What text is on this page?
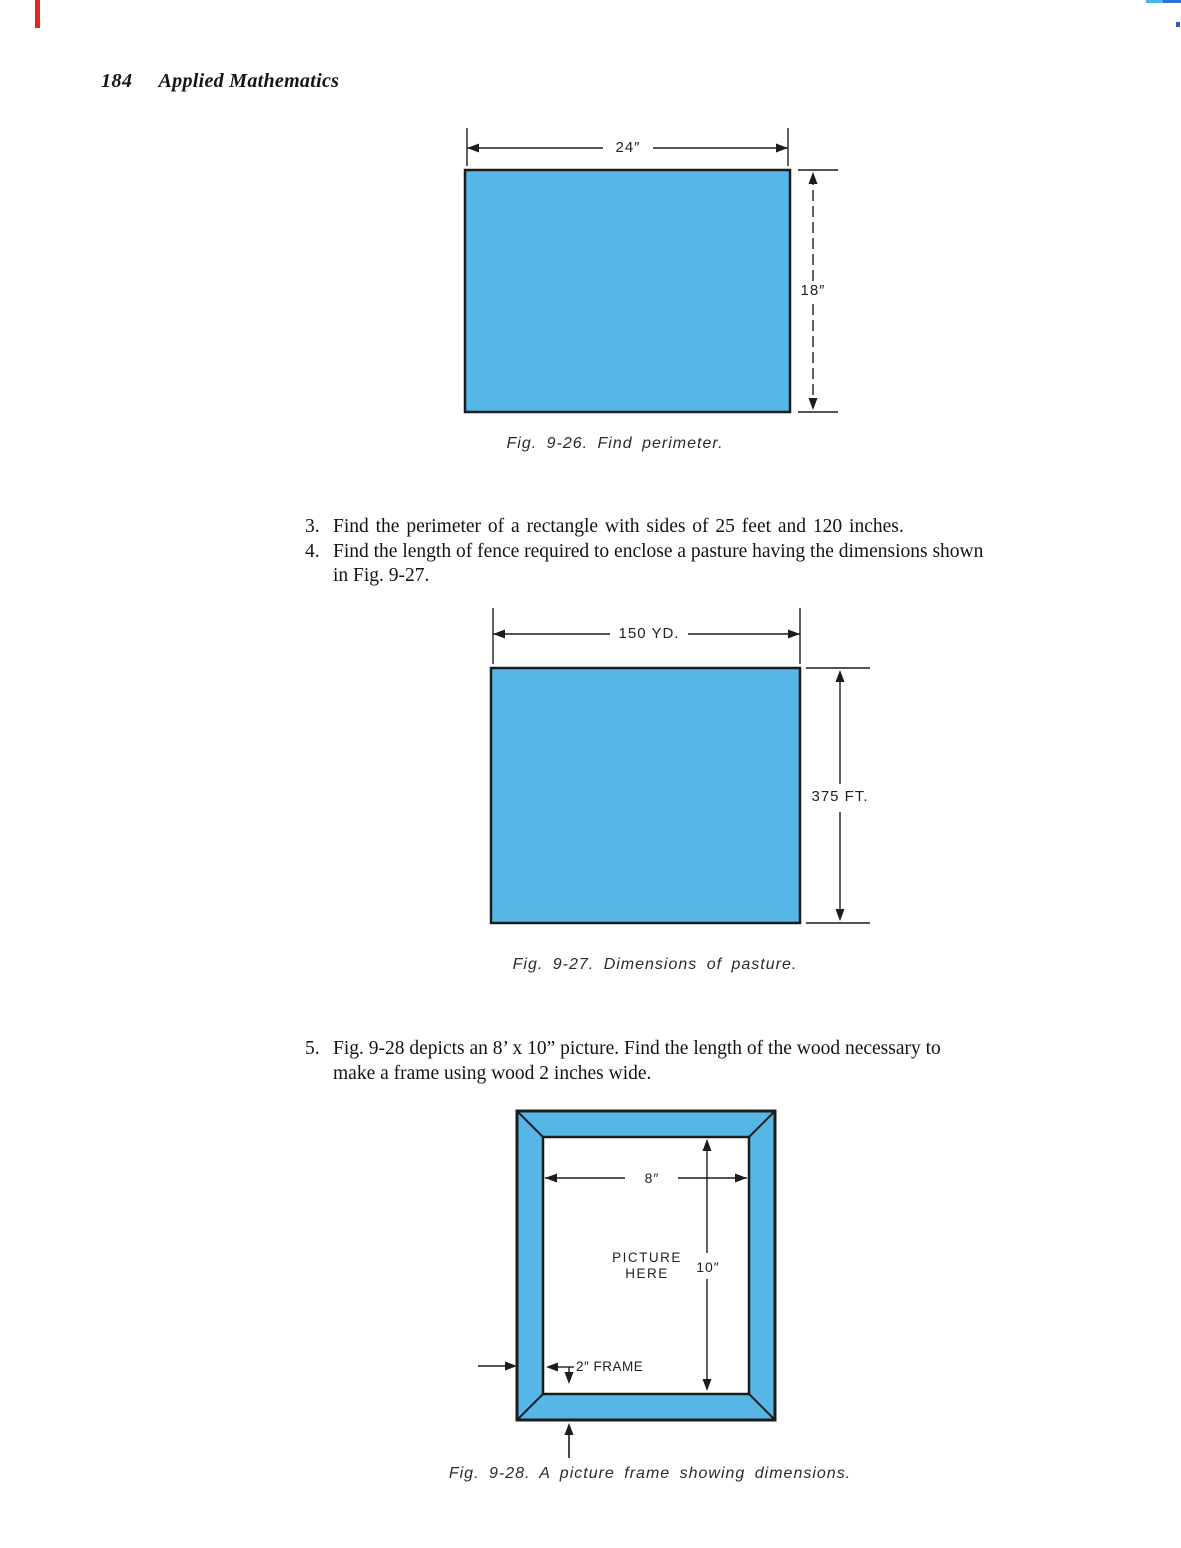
184 Applied Mathematics
24″
18″
Fig. 9-26. Find perimeter.
3. Find the perimeter of a rectangle with sides of 25 feet and 120 inches.
4. Find the length of fence required to enclose a pasture having the dimensions shown
in Fig. 9-27.
150 YD.
375 FT.
Fig. 9-27. Dimensions of pasture.
5. Fig. 9-28 depicts an 8’ x 10” picture. Find the length of the wood necessary to
make a frame using wood 2 inches wide.
8″
10″
PICTURE
HERE
2″ FRAME
Fig. 9-28. A picture frame showing dimensions.
